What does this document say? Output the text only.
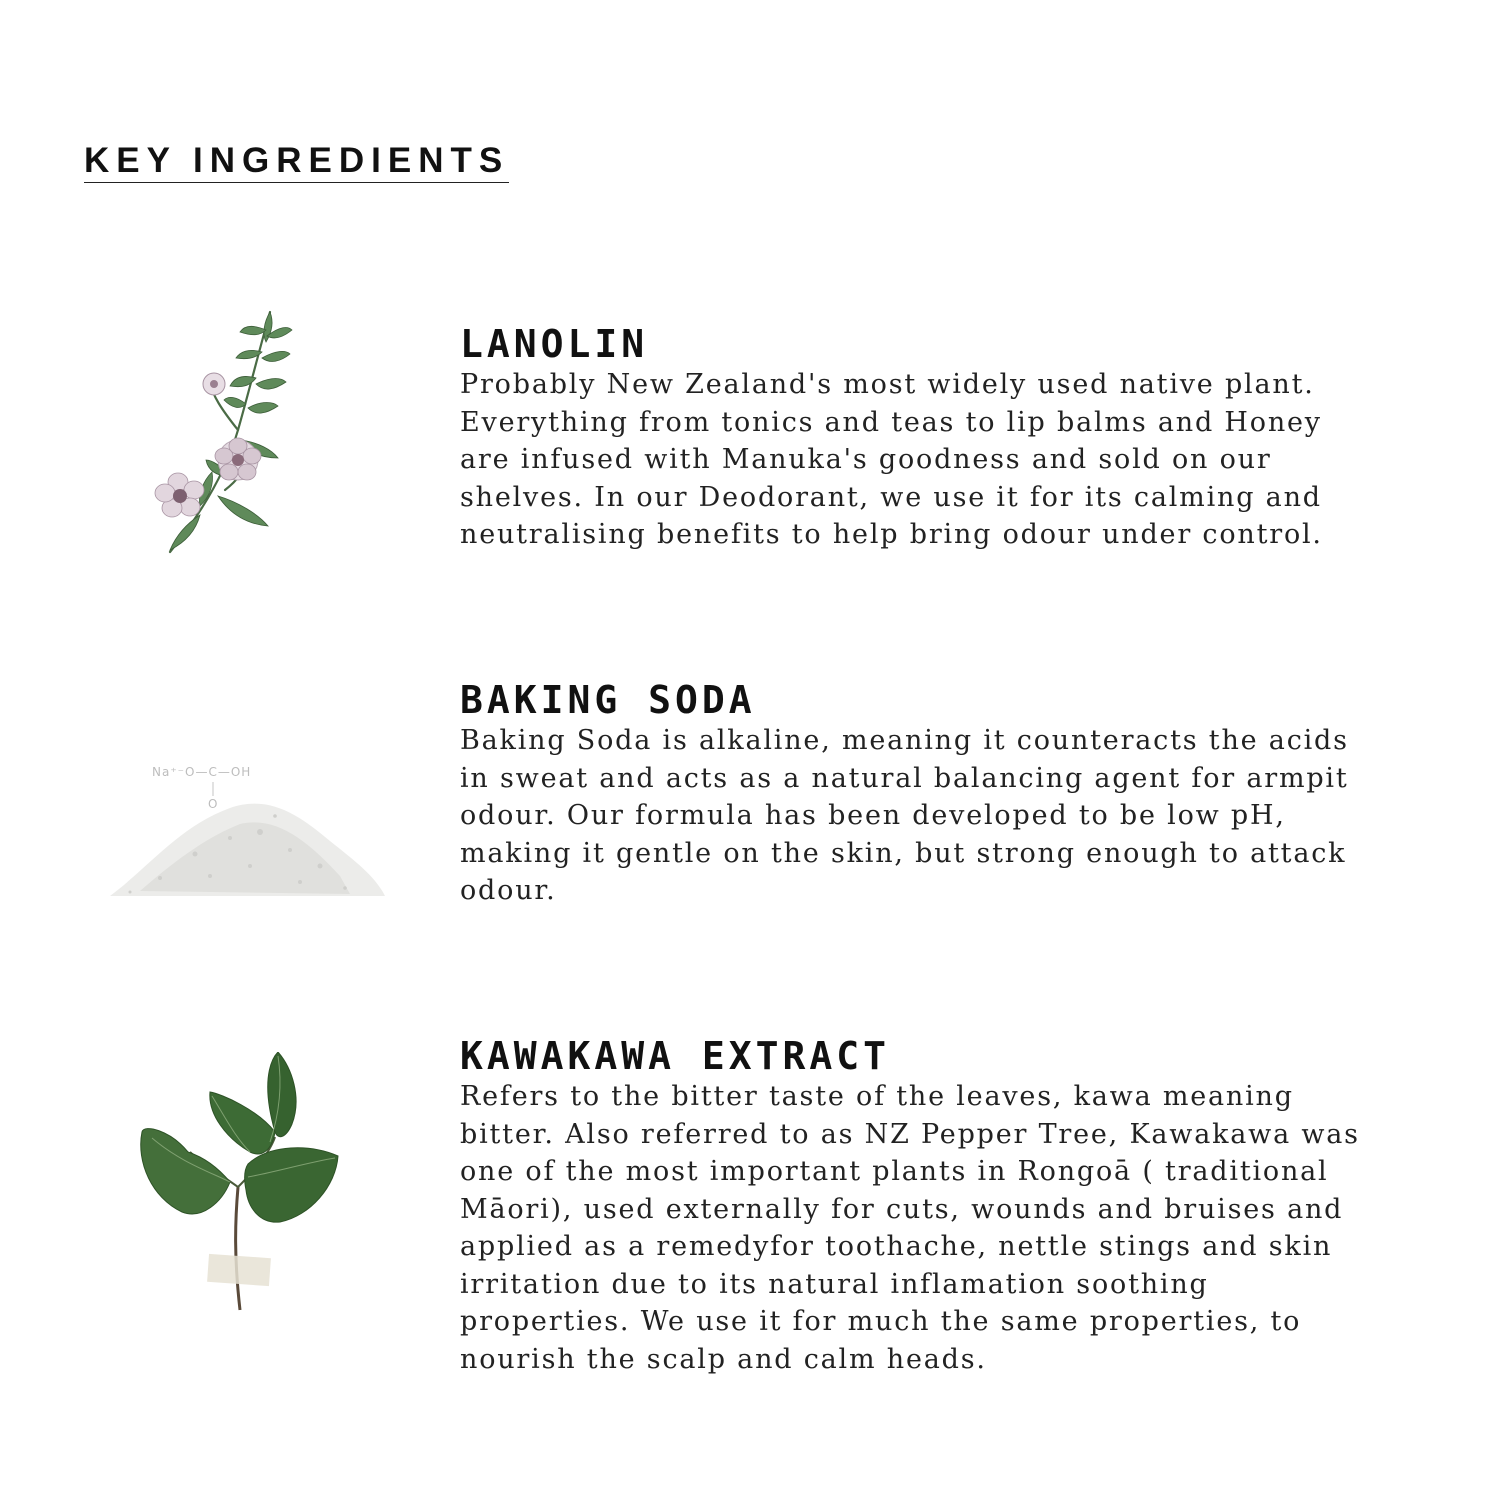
KEY INGREDIENTS
LANOLIN

Probably New Zealand's most widely used native plant.
Everything from tonics and teas to lip balms and Honey
are infused with Manuka's goodness and sold on our
shelves. In our Deodorant, we use it for its calming and
neutralising benefits to help bring odour under control.

Na⁺⁻O—C—OH
O
BAKING SODA

Baking Soda is alkaline, meaning it counteracts the acids
in sweat and acts as a natural balancing agent for armpit
odour. Our formula has been developed to be low pH,
making it gentle on the skin, but strong enough to attack
odour.

KAWAKAWA EXTRACT

Refers to the bitter taste of the leaves, kawa meaning
bitter. Also referred to as NZ Pepper Tree, Kawakawa was
one of the most important plants in Rongoā ( traditional
Māori), used externally for cuts, wounds and bruises and
applied as a remedyfor toothache, nettle stings and skin
irritation due to its natural inflamation soothing
properties. We use it for much the same properties, to
nourish the scalp and calm heads.
